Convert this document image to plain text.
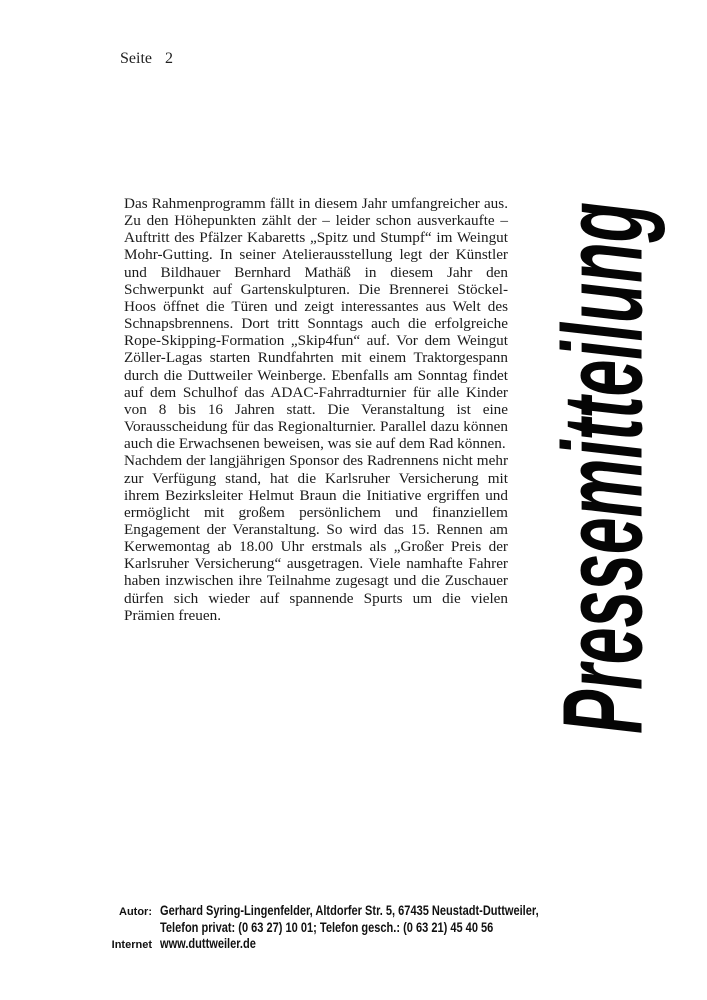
Seite 2

Das Rahmenprogramm fällt in diesem Jahr umfangreicher aus. Zu den Höhepunkten zählt der – leider schon ausverkaufte –Auftritt des Pfälzer Kabaretts „Spitz und Stumpf“ im Weingut Mohr-Gutting. In seiner Atelierausstellung legt der Künstler und Bildhauer Bernhard Mathäß in diesem Jahr den Schwerpunkt auf Gartenskulpturen. Die Brennerei Stöckel-Hoos öffnet die Türen und zeigt interessantes aus Welt des Schnapsbrennens. Dort tritt Sonntags auch die erfolgreiche Rope-Skipping-Formation „Skip4fun“ auf. Vor dem Weingut Zöller-Lagas starten Rundfahrten mit einem Traktorgespann durch die Duttweiler Weinberge. Ebenfalls am Sonntag findet auf dem Schulhof das ADAC-Fahrradturnier für alle Kinder von 8 bis 16 Jahren statt. Die Veranstaltung ist eine Vorausscheidung für das Regionalturnier. Parallel dazu können auch die Erwachsenen beweisen, was sie auf dem Rad können.

Nachdem der langjährigen Sponsor des Radrennens nicht mehr zur Verfügung stand, hat die Karlsruher Versicherung mit ihrem Bezirksleiter Helmut Braun die Initiative ergriffen und ermöglicht mit großem persönlichem und finanziellem Engagement der Veranstaltung. So wird das 15. Rennen am Kerwemontag ab 18.00 Uhr erstmals als „Großer Preis der Karlsruher Versicherung“ ausgetragen. Viele namhafte Fahrer haben inzwischen ihre Teilnahme zugesagt und die Zuschauer dürfen sich wieder auf spannende Spurts um die vielen Prämien freuen.	Pressemitteilung
Autor: Gerhard Syring-Lingenfelder, Altdorfer Str. 5, 67435 Neustadt-Duttweiler,
Telefon privat: (0 63 27) 10 01; Telefon gesch.: (0 63 21) 45 40 56
Internet www.duttweiler.de
